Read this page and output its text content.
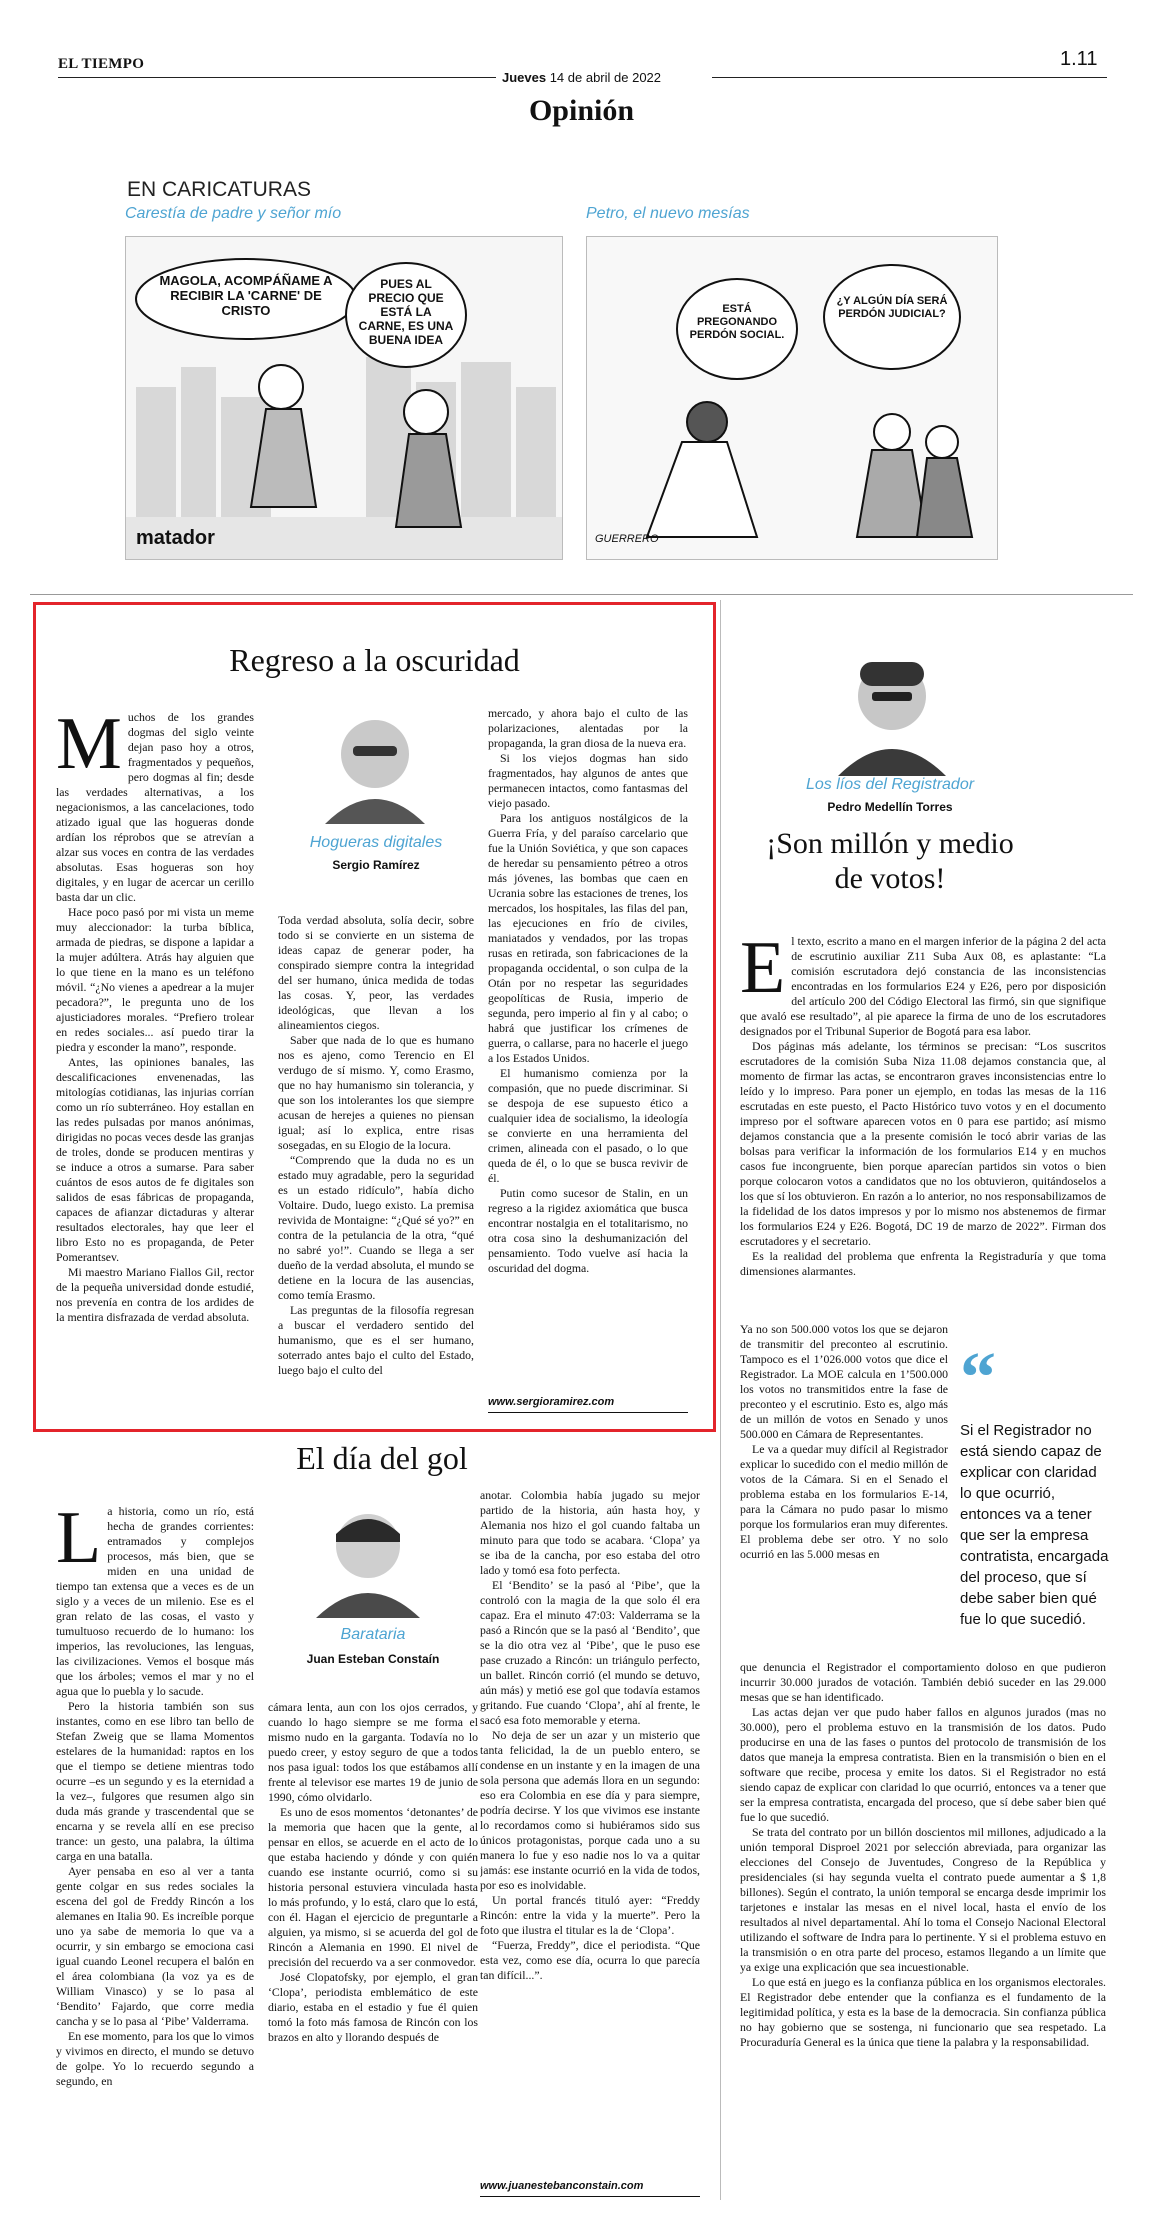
EL TIEMPO
Jueves 14 de abril de 2022
1.11
Opinión
EN CARICATURAS
Carestía de padre y señor mío	Petro, el nuevo mesías
MAGOLA, ACOMPÁÑAME A RECIBIR LA 'CARNE' DE CRISTO
PUES AL PRECIO QUE ESTÁ LA CARNE, ES UNA BUENA IDEA
matador
ESTÁ PREGONANDO PERDÓN SOCIAL.
¿Y ALGÚN DÍA SERÁ PERDÓN JUDICIAL?
GUERRERO
Regreso a la oscuridad
M uchos de los grandes dogmas del siglo veinte dejan paso hoy a otros, fragmentados y pequeños, pero dogmas al fin; desde las verdades alternativas, a los negacionismos, a las cancelaciones, todo atizado igual que las hogueras donde ardían los réprobos que se atrevían a alzar sus voces en contra de las verdades absolutas. Esas hogueras son hoy digitales, y en lugar de acercar un cerillo basta dar un clic.

Hace poco pasó por mi vista un meme muy aleccionador: la turba bíblica, armada de piedras, se dispone a lapidar a la mujer adúltera. Atrás hay alguien que lo que tiene en la mano es un teléfono móvil. “¿No vienes a apedrear a la mujer pecadora?”, le pregunta uno de los ajusticiadores morales. “Prefiero trolear en redes sociales... así puedo tirar la piedra y esconder la mano”, responde.

Antes, las opiniones banales, las descalificaciones envenenadas, las mitologías cotidianas, las injurias corrían como un río subterráneo. Hoy estallan en las redes pulsadas por manos anónimas, dirigidas no pocas veces desde las granjas de troles, donde se producen mentiras y se induce a otros a sumarse. Para saber cuántos de esos autos de fe digitales son salidos de esas fábricas de propaganda, capaces de afianzar dictaduras y alterar resultados electorales, hay que leer el libro Esto no es propaganda, de Peter Pomerantsev.

Mi maestro Mariano Fiallos Gil, rector de la pequeña universidad donde estudié, nos prevenía en contra de los ardides de la mentira disfrazada de verdad absoluta.

Hogueras digitales
Sergio Ramírez

Toda verdad absoluta, solía decir, sobre todo si se convierte en un sistema de ideas capaz de generar poder, ha conspirado siempre contra la integridad del ser humano, única medida de todas las cosas. Y, peor, las verdades ideológicas, que llevan a los alineamientos ciegos.

Saber que nada de lo que es humano nos es ajeno, como Terencio en El verdugo de sí mismo. Y, como Erasmo, que no hay humanismo sin tolerancia, y que son los intolerantes los que siempre acusan de herejes a quienes no piensan igual; así lo explica, entre risas sosegadas, en su Elogio de la locura.

“Comprendo que la duda no es un estado muy agradable, pero la seguridad es un estado ridículo”, había dicho Voltaire. Dudo, luego existo. La premisa revivida de Montaigne: “¿Qué sé yo?” en contra de la petulancia de la otra, “qué no sabré yo!”. Cuando se llega a ser dueño de la verdad absoluta, el mundo se detiene en la locura de las ausencias, como temía Erasmo.

Las preguntas de la filosofía regresan a buscar el verdadero sentido del humanismo, que es el ser humano, soterrado antes bajo el culto del Estado, luego bajo el culto del

mercado, y ahora bajo el culto de las polarizaciones, alentadas por la propaganda, la gran diosa de la nueva era.

Si los viejos dogmas han sido fragmentados, hay algunos de antes que permanecen intactos, como fantasmas del viejo pasado.

Para los antiguos nostálgicos de la Guerra Fría, y del paraíso carcelario que fue la Unión Soviética, y que son capaces de heredar su pensamiento pétreo a otros más jóvenes, las bombas que caen en Ucrania sobre las estaciones de trenes, los mercados, los hospitales, las filas del pan, las ejecuciones en frío de civiles, maniatados y vendados, por las tropas rusas en retirada, son fabricaciones de la propaganda occidental, o son culpa de la Otán por no respetar las seguridades geopolíticas de Rusia, imperio de segunda, pero imperio al fin y al cabo; o habrá que justificar los crímenes de guerra, o callarse, para no hacerle el juego a los Estados Unidos.

El humanismo comienza por la compasión, que no puede discriminar. Si se despoja de ese supuesto ético a cualquier idea de socialismo, la ideología se convierte en una herramienta del crimen, alineada con el pasado, o lo que queda de él, o lo que se busca revivir de él.

Putin como sucesor de Stalin, en un regreso a la rigidez axiomática que busca encontrar nostalgia en el totalitarismo, no otra cosa sino la deshumanización del pensamiento. Todo vuelve así hacia la oscuridad del dogma.

www.sergioramirez.com
Los líos del Registrador
Pedro Medellín Torres
¡Son millón y medio de votos!
E l texto, escrito a mano en el margen inferior de la página 2 del acta de escrutinio auxiliar Z11 Suba Aux 08, es aplastante: “La comisión escrutadora dejó constancia de las inconsistencias encontradas en los formularios E24 y E26, pero por disposición del artículo 200 del Código Electoral las firmó, sin que signifique que avaló ese resultado”, al pie aparece la firma de uno de los escrutadores designados por el Tribunal Superior de Bogotá para esa labor.

Dos páginas más adelante, los términos se precisan: “Los suscritos escrutadores de la comisión Suba Niza 11.08 dejamos constancia que, al momento de firmar las actas, se encontraron graves inconsistencias entre lo leído y lo impreso. Para poner un ejemplo, en todas las mesas de la 116 escrutadas en este puesto, el Pacto Histórico tuvo votos y en el documento impreso por el software aparecen votos en 0 para ese partido; así mismo dejamos constancia que a la presente comisión le tocó abrir varias de las bolsas para verificar la información de los formularios E14 y en muchos casos fue incongruente, bien porque aparecían partidos sin votos o bien porque colocaron votos a candidatos que no los obtuvieron, quitándoselos a los que sí los obtuvieron. En razón a lo anterior, no nos responsabilizamos de la fidelidad de los datos impresos y por lo mismo nos abstenemos de firmar los formularios E24 y E26. Bogotá, DC 19 de marzo de 2022”. Firman dos escrutadores y el secretario.

Es la realidad del problema que enfrenta la Registraduría y que toma dimensiones alarmantes.

Ya no son 500.000 votos los que se dejaron de transmitir del preconteo al escrutinio. Tampoco es el 1’026.000 votos que dice el Registrador. La MOE calcula en 1’500.000 los votos no transmitidos entre la fase de preconteo y el escrutinio. Esto es, algo más de un millón de votos en Senado y unos 500.000 en Cámara de Representantes.

Le va a quedar muy difícil al Registrador explicar lo sucedido con el medio millón de votos de la Cámara. Si en el Senado el problema estaba en los formularios E-14, para la Cámara no pudo pasar lo mismo porque los formularios eran muy diferentes. El problema debe ser otro. Y no solo ocurrió en las 5.000 mesas en

“
Si el Registrador no está siendo capaz de explicar con claridad lo que ocurrió, entonces va a tener que ser la empresa contratista, encargada del proceso, que sí debe saber bien qué fue lo que sucedió.

que denuncia el Registrador el comportamiento doloso en que pudieron incurrir 30.000 jurados de votación. También debió suceder en las 29.000 mesas que se han identificado.

Las actas dejan ver que pudo haber fallos en algunos jurados (mas no 30.000), pero el problema estuvo en la transmisión de los datos. Pudo producirse en una de las fases o puntos del protocolo de transmisión de los datos que maneja la empresa contratista. Bien en la transmisión o bien en el software que recibe, procesa y emite los datos. Si el Registrador no está siendo capaz de explicar con claridad lo que ocurrió, entonces va a tener que ser la empresa contratista, encargada del proceso, que sí debe saber bien qué fue lo que sucedió.

Se trata del contrato por un billón doscientos mil millones, adjudicado a la unión temporal Disproel 2021 por selección abreviada, para organizar las elecciones del Consejo de Juventudes, Congreso de la República y presidenciales (si hay segunda vuelta el contrato puede aumentar a $ 1,8 billones). Según el contrato, la unión temporal se encarga desde imprimir los tarjetones e instalar las mesas en el nivel local, hasta el envío de los resultados al nivel departamental. Ahí lo toma el Consejo Nacional Electoral utilizando el software de Indra para lo pertinente. Y si el problema estuvo en la transmisión o en otra parte del proceso, estamos llegando a un límite que ya exige una explicación que sea incuestionable.

Lo que está en juego es la confianza pública en los organismos electorales. El Registrador debe entender que la confianza es el fundamento de la legitimidad política, y esta es la base de la democracia. Sin confianza pública no hay gobierno que se sostenga, ni funcionario que sea respetado. La Procuraduría General es la única que tiene la palabra y la responsabilidad.

El día del gol
L a historia, como un río, está hecha de grandes corrientes: entramados y complejos procesos, más bien, que se miden en una unidad de tiempo tan extensa que a veces es de un siglo y a veces de un milenio. Ese es el gran relato de las cosas, el vasto y tumultuoso recuerdo de lo humano: los imperios, las revoluciones, las lenguas, las civilizaciones. Vemos el bosque más que los árboles; vemos el mar y no el agua que lo puebla y lo sacude.

Pero la historia también son sus instantes, como en ese libro tan bello de Stefan Zweig que se llama Momentos estelares de la humanidad: raptos en los que el tiempo se detiene mientras todo ocurre –es un segundo y es la eternidad a la vez–, fulgores que resumen algo sin duda más grande y trascendental que se encarna y se revela allí en ese preciso trance: un gesto, una palabra, la última carga en una batalla.

Ayer pensaba en eso al ver a tanta gente colgar en sus redes sociales la escena del gol de Freddy Rincón a los alemanes en Italia 90. Es increíble porque uno ya sabe de memoria lo que va a ocurrir, y sin embargo se emociona casi igual cuando Leonel recupera el balón en el área colombiana (la voz ya es de William Vinasco) y se lo pasa al ‘Bendito’ Fajardo, que corre media cancha y se lo pasa al ‘Pibe’ Valderrama.

En ese momento, para los que lo vimos y vivimos en directo, el mundo se detuvo de golpe. Yo lo recuerdo segundo a segundo, en

Barataria
Juan Esteban Constaín

cámara lenta, aun con los ojos cerrados, y cuando lo hago siempre se me forma el mismo nudo en la garganta. Todavía no lo puedo creer, y estoy seguro de que a todos nos pasa igual: todos los que estábamos allí frente al televisor ese martes 19 de junio de 1990, cómo olvidarlo.

Es uno de esos momentos ‘detonantes’ de la memoria que hacen que la gente, al pensar en ellos, se acuerde en el acto de lo que estaba haciendo y dónde y con quién cuando ese instante ocurrió, como si su historia personal estuviera vinculada hasta lo más profundo, y lo está, claro que lo está, con él. Hagan el ejercicio de preguntarle a alguien, ya mismo, si se acuerda del gol de Rincón a Alemania en 1990. El nivel de precisión del recuerdo va a ser conmovedor.

José Clopatofsky, por ejemplo, el gran ‘Clopa’, periodista emblemático de este diario, estaba en el estadio y fue él quien tomó la foto más famosa de Rincón con los brazos en alto y llorando después de

anotar. Colombia había jugado su mejor partido de la historia, aún hasta hoy, y Alemania nos hizo el gol cuando faltaba un minuto para que todo se acabara. ‘Clopa’ ya se iba de la cancha, por eso estaba del otro lado y tomó esa foto perfecta.

El ‘Bendito’ se la pasó al ‘Pibe’, que la controló con la magia de la que solo él era capaz. Era el minuto 47:03: Valderrama se la pasó a Rincón que se la pasó al ‘Bendito’, que se la dio otra vez al ‘Pibe’, que le puso ese pase cruzado a Rincón: un triángulo perfecto, un ballet. Rincón corrió (el mundo se detuvo, aún más) y metió ese gol que todavía estamos gritando. Fue cuando ‘Clopa’, ahí al frente, le sacó esa foto memorable y eterna.

No deja de ser un azar y un misterio que tanta felicidad, la de un pueblo entero, se condense en un instante y en la imagen de una sola persona que además llora en un segundo: eso era Colombia en ese día y para siempre, podría decirse. Y los que vivimos ese instante lo recordamos como si hubiéramos sido sus únicos protagonistas, porque cada uno a su manera lo fue y eso nadie nos lo va a quitar jamás: ese instante ocurrió en la vida de todos, por eso es inolvidable.

Un portal francés tituló ayer: “Freddy Rincón: entre la vida y la muerte”. Pero la foto que ilustra el titular es la de ‘Clopa’.

“Fuerza, Freddy”, dice el periodista. “Que esta vez, como ese día, ocurra lo que parecía tan difícil...”.

www.juanestebanconstain.com
